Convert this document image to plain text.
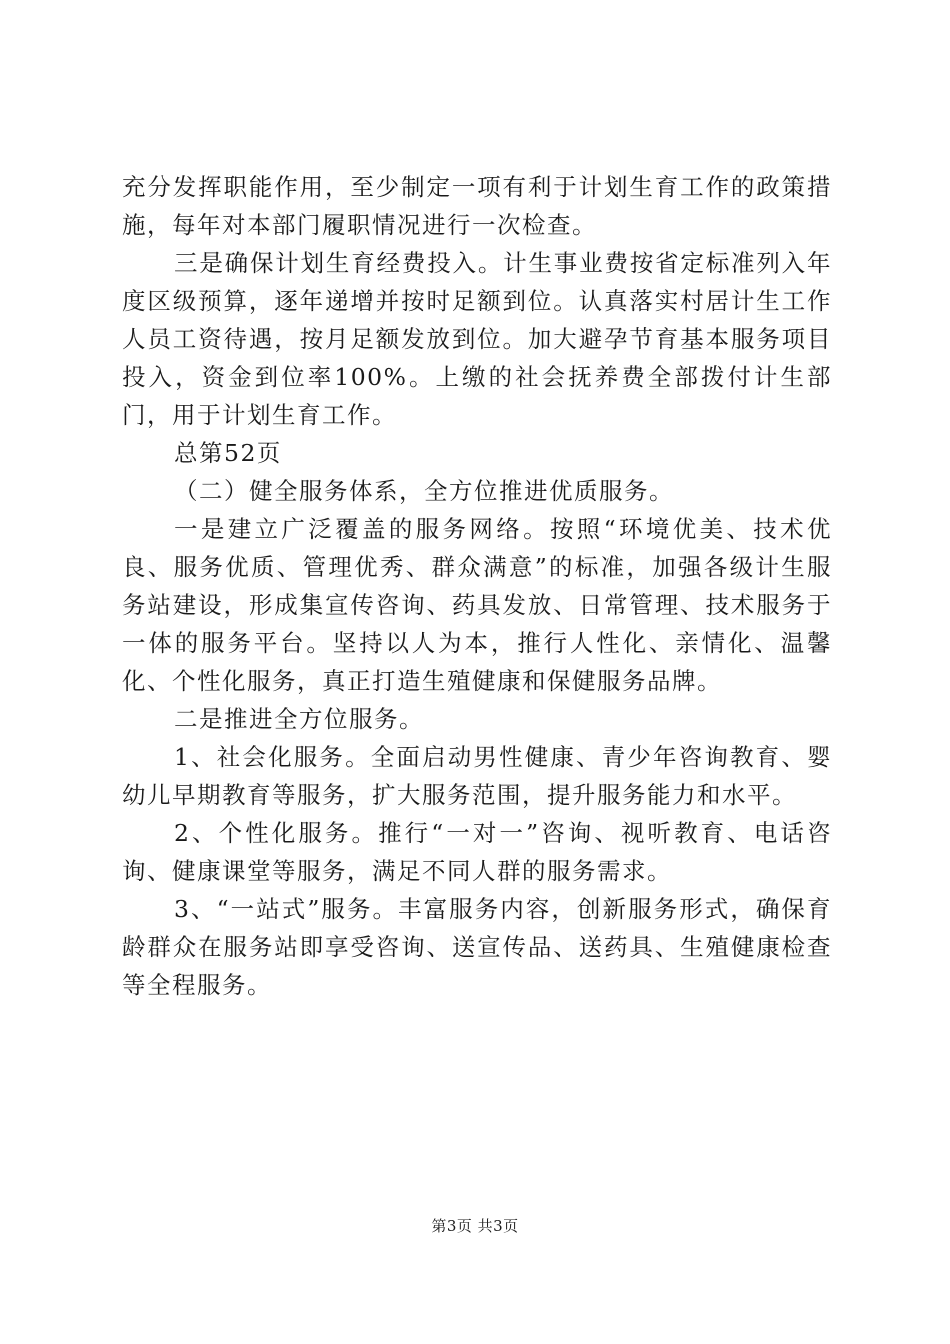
充分发挥职能作用，至少制定一项有利于计划生育工作的政策措施，每年对本部门履职情况进行一次检查。

三是确保计划生育经费投入。计生事业费按省定标准列入年度区级预算，逐年递增并按时足额到位。认真落实村居计生工作人员工资待遇，按月足额发放到位。加大避孕节育基本服务项目投入，资金到位率100%。上缴的社会抚养费全部拨付计生部门，用于计划生育工作。

总第52页

（二）健全服务体系，全方位推进优质服务。

一是建立广泛覆盖的服务网络。按照“环境优美、技术优良、服务优质、管理优秀、群众满意”的标准，加强各级计生服务站建设，形成集宣传咨询、药具发放、日常管理、技术服务于一体的服务平台。坚持以人为本，推行人性化、亲情化、温馨化、个性化服务，真正打造生殖健康和保健服务品牌。

二是推进全方位服务。

1、社会化服务。全面启动男性健康、青少年咨询教育、婴幼儿早期教育等服务，扩大服务范围，提升服务能力和水平。

2、个性化服务。推行“一对一”咨询、视听教育、电话咨询、健康课堂等服务，满足不同人群的服务需求。

3、“一站式”服务。丰富服务内容，创新服务形式，确保育龄群众在服务站即享受咨询、送宣传品、送药具、生殖健康检查等全程服务。

第3页 共3页
